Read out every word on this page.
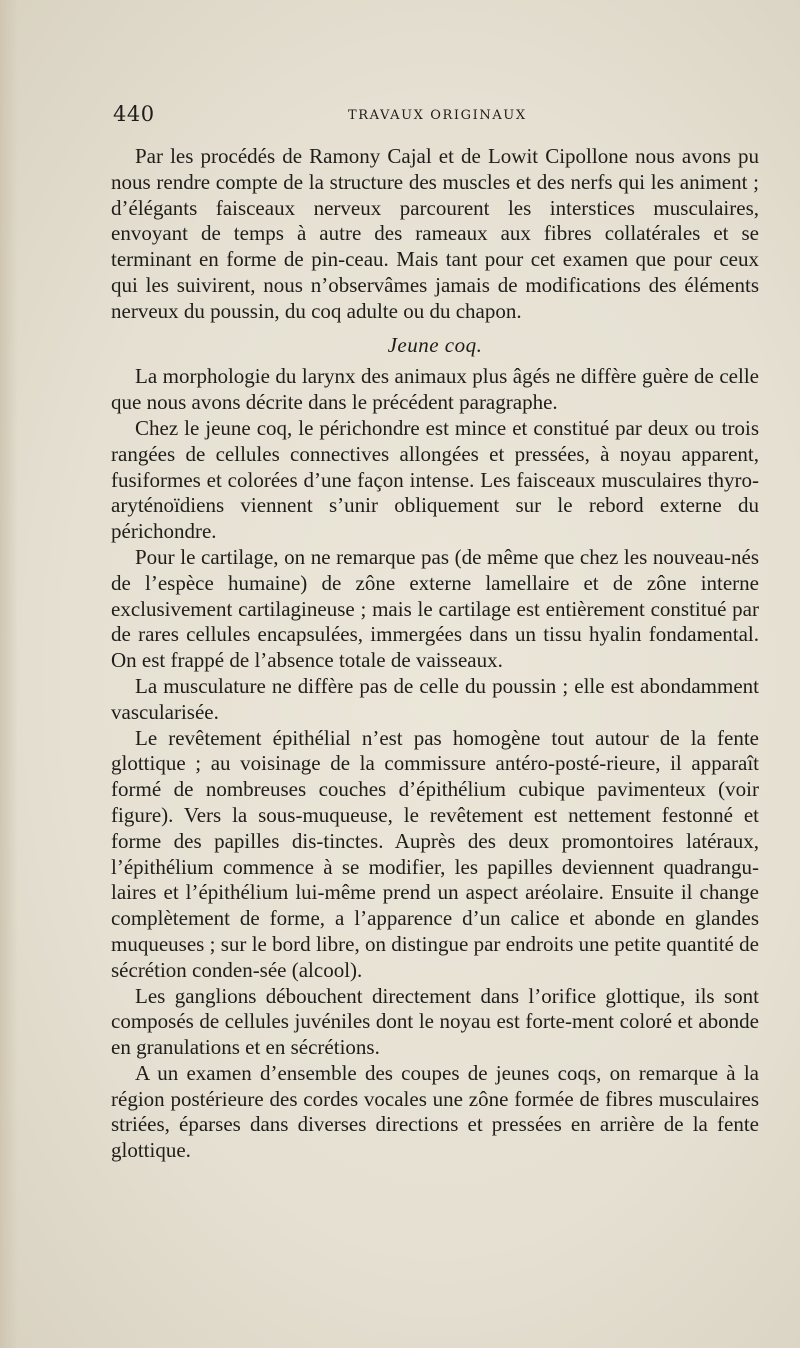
440	TRAVAUX ORIGINAUX

Par les procédés de Ramony Cajal et de Lowit Cipollone nous avons pu nous rendre compte de la structure des muscles et des nerfs qui les animent ; d’élégants faisceaux nerveux parcourent les interstices musculaires, envoyant de temps à autre des rameaux aux fibres collatérales et se terminant en forme de pin-ceau. Mais tant pour cet examen que pour ceux qui les suivirent, nous n’observâmes jamais de modifications des éléments nerveux du poussin, du coq adulte ou du chapon.

Jeune coq.

La morphologie du larynx des animaux plus âgés ne diffère guère de celle que nous avons décrite dans le précédent paragraphe.

Chez le jeune coq, le périchondre est mince et constitué par deux ou trois rangées de cellules connectives allongées et pressées, à noyau apparent, fusiformes et colorées d’une façon intense. Les faisceaux musculaires thyro-aryténoïdiens viennent s’unir obliquement sur le rebord externe du périchondre.

Pour le cartilage, on ne remarque pas (de même que chez les nouveau-nés de l’espèce humaine) de zône externe lamellaire et de zône interne exclusivement cartilagineuse ; mais le cartilage est entièrement constitué par de rares cellules encapsulées, immergées dans un tissu hyalin fondamental. On est frappé de l’absence totale de vaisseaux.

La musculature ne diffère pas de celle du poussin ; elle est abondamment vascularisée.

Le revêtement épithélial n’est pas homogène tout autour de la fente glottique ; au voisinage de la commissure antéro-posté-rieure, il apparaît formé de nombreuses couches d’épithélium cubique pavimenteux (voir figure). Vers la sous-muqueuse, le revêtement est nettement festonné et forme des papilles dis-tinctes. Auprès des deux promontoires latéraux, l’épithélium commence à se modifier, les papilles deviennent quadrangu-laires et l’épithélium lui-même prend un aspect aréolaire. Ensuite il change complètement de forme, a l’apparence d’un calice et abonde en glandes muqueuses ; sur le bord libre, on distingue par endroits une petite quantité de sécrétion conden-sée (alcool).

Les ganglions débouchent directement dans l’orifice glottique, ils sont composés de cellules juvéniles dont le noyau est forte-ment coloré et abonde en granulations et en sécrétions.

A un examen d’ensemble des coupes de jeunes coqs, on remarque à la région postérieure des cordes vocales une zône formée de fibres musculaires striées, éparses dans diverses directions et pressées en arrière de la fente glottique.
